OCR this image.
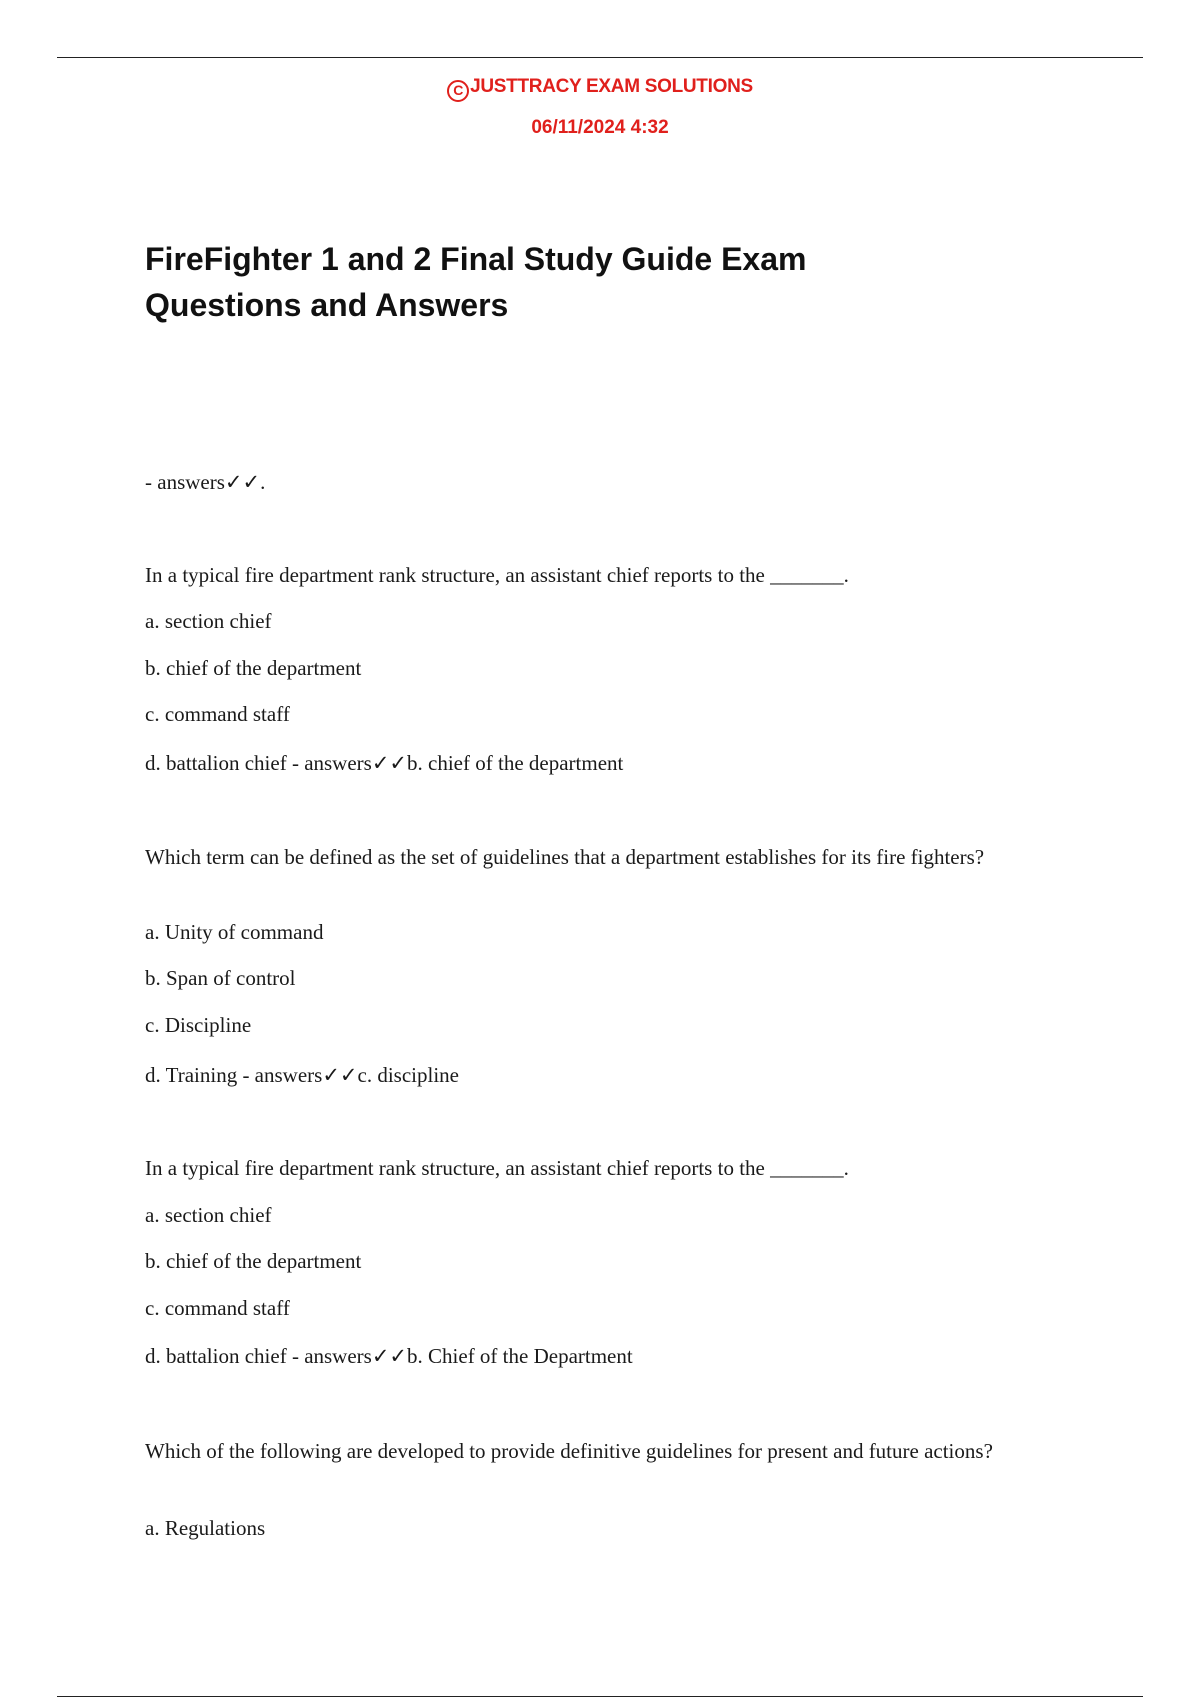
C JUSTTRACY EXAM SOLUTIONS
06/11/2024 4:32
FireFighter 1 and 2 Final Study Guide Exam
Questions and Answers
- answers✓✓.
In a typical fire department rank structure, an assistant chief reports to the _______.
a. section chief
b. chief of the department
c. command staff
d. battalion chief - answers✓✓b. chief of the department
Which term can be defined as the set of guidelines that a department establishes for its fire fighters?
a. Unity of command
b. Span of control
c. Discipline
d. Training - answers✓✓c. discipline
In a typical fire department rank structure, an assistant chief reports to the _______.
a. section chief
b. chief of the department
c. command staff
d. battalion chief - answers✓✓b. Chief of the Department
Which of the following are developed to provide definitive guidelines for present and future actions?
a. Regulations
